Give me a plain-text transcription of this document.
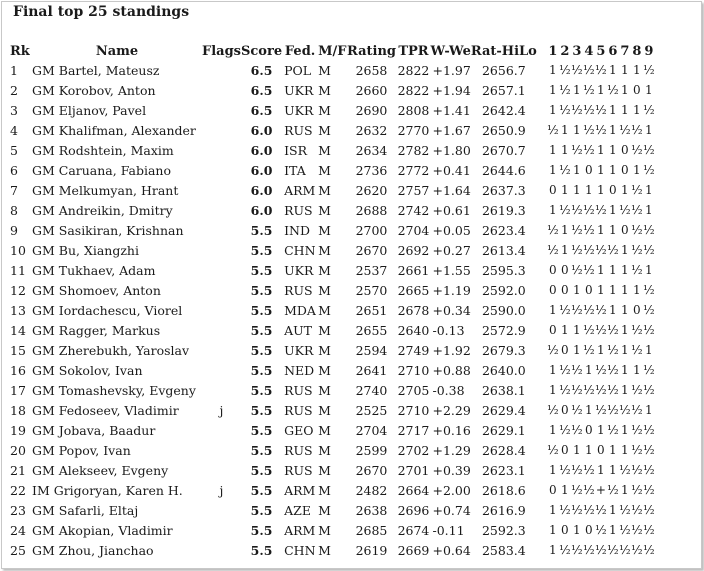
Final top 25 standings
Rk	Name	Flags	Score	Fed.	M/F	Rating	TPR	W-We	Rat-HiLo		1	2	3	4	5	6	7	8	9
1	GM Bartel, Mateusz		6.5	POL	M	2658	2822	+1.97	2656.7		1	½	½	½	½	1	1	1	½
2	GM Korobov, Anton		6.5	UKR	M	2660	2822	+1.94	2657.1		1	½	1	½	1	½	1	0	1
3	GM Eljanov, Pavel		6.5	UKR	M	2690	2808	+1.41	2642.4		1	½	½	½	½	1	1	1	½
4	GM Khalifman, Alexander		6.0	RUS	M	2632	2770	+1.67	2650.9		½	1	1	½	½	1	½	½	1
5	GM Rodshtein, Maxim		6.0	ISR	M	2634	2782	+1.80	2670.7		1	1	½	½	1	1	0	½	½
6	GM Caruana, Fabiano		6.0	ITA	M	2736	2772	+0.41	2644.6		1	½	1	0	1	1	0	1	½
7	GM Melkumyan, Hrant		6.0	ARM	M	2620	2757	+1.64	2637.3		0	1	1	1	1	0	1	½	1
8	GM Andreikin, Dmitry		6.0	RUS	M	2688	2742	+0.61	2619.3		1	½	½	½	½	1	½	½	1
9	GM Sasikiran, Krishnan		5.5	IND	M	2700	2704	+0.05	2623.4		½	1	½	½	1	1	0	½	½
10	GM Bu, Xiangzhi		5.5	CHN	M	2670	2692	+0.27	2613.4		½	1	½	½	½	½	1	½	½
11	GM Tukhaev, Adam		5.5	UKR	M	2537	2661	+1.55	2595.3		0	0	½	½	1	1	1	½	1
12	GM Shomoev, Anton		5.5	RUS	M	2570	2665	+1.19	2592.0		0	0	1	0	1	1	1	1	½
13	GM Iordachescu, Viorel		5.5	MDA	M	2651	2678	+0.34	2590.0		1	½	½	½	½	1	1	0	½
14	GM Ragger, Markus		5.5	AUT	M	2655	2640	-0.13	2572.9		0	1	1	½	½	½	1	½	½
15	GM Zherebukh, Yaroslav		5.5	UKR	M	2594	2749	+1.92	2679.3		½	0	1	½	1	½	1	½	1
16	GM Sokolov, Ivan		5.5	NED	M	2641	2710	+0.88	2640.0		1	½	½	1	½	½	1	1	½
17	GM Tomashevsky, Evgeny		5.5	RUS	M	2740	2705	-0.38	2638.1		1	½	½	½	½	½	1	½	½
18	GM Fedoseev, Vladimir	j	5.5	RUS	M	2525	2710	+2.29	2629.4		½	0	½	1	½	½	½	½	1
19	GM Jobava, Baadur		5.5	GEO	M	2704	2717	+0.16	2629.1		1	½	½	0	1	½	1	½	½
20	GM Popov, Ivan		5.5	RUS	M	2599	2702	+1.29	2628.4		½	0	1	1	0	1	1	½	½
21	GM Alekseev, Evgeny		5.5	RUS	M	2670	2701	+0.39	2623.1		1	½	½	½	1	1	½	½	½
22	IM Grigoryan, Karen H.	j	5.5	ARM	M	2482	2664	+2.00	2618.6		0	1	½	½	+	½	1	½	½
23	GM Safarli, Eltaj		5.5	AZE	M	2638	2696	+0.74	2616.9		1	½	½	½	½	1	½	½	½
24	GM Akopian, Vladimir		5.5	ARM	M	2685	2674	-0.11	2592.3		1	0	1	0	½	1	½	½	½
25	GM Zhou, Jianchao		5.5	CHN	M	2619	2669	+0.64	2583.4		1	½	½	½	½	½	½	½	½
